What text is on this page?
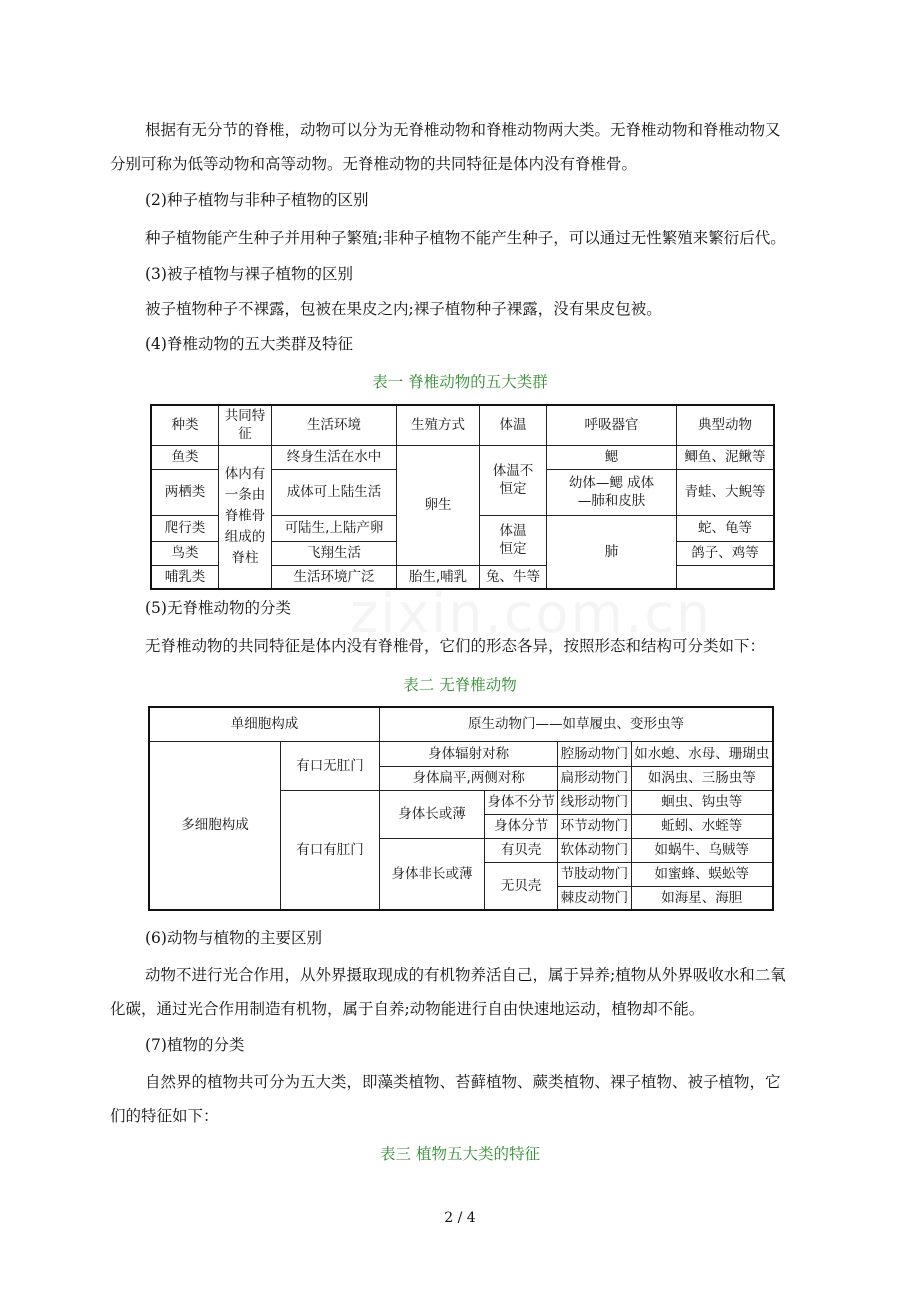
根据有无分节的脊椎，动物可以分为无脊椎动物和脊椎动物两大类。无脊椎动物和脊椎动物又

分别可称为低等动物和高等动物。无脊椎动物的共同特征是体内没有脊椎骨。

(2)种子植物与非种子植物的区别

种子植物能产生种子并用种子繁殖;非种子植物不能产生种子，可以通过无性繁殖来繁衍后代。

(3)被子植物与裸子植物的区别

被子植物种子不裸露，包被在果皮之内;裸子植物种子裸露，没有果皮包被。

(4)脊椎动物的五大类群及特征

表一 脊椎动物的五大类群
种类	共同特征	生活环境	生殖方式	体温	呼吸器官	典型动物
鱼类	体内有一条由脊椎骨组成的脊柱	终身生活在水中	卵生	体温不恒定	鳃	鲫鱼、泥鳅等
两栖类		成体可上陆生活			幼体—鳃 成体—肺和皮肤	青蛙、大鲵等
爬行类		可陆生,上陆产卵		体温恒定	肺	蛇、龟等
鸟类		飞翔生活				鸽子、鸡等
哺乳类		生活环境广泛	胎生,哺乳	兔、牛等		

(5)无脊椎动物的分类

无脊椎动物的共同特征是体内没有脊椎骨，它们的形态各异，按照形态和结构可分类如下：

表二 无脊椎动物
单细胞构成		原生动物门——如草履虫、变形虫等			
多细胞构成	有口无肛门	身体辐射对称		腔肠动物门	如水螅、水母、珊瑚虫
		身体扁平,两侧对称		扁形动物门	如涡虫、三肠虫等
	有口有肛门	身体长或薄	身体不分节	线形动物门	蛔虫、钩虫等
			身体分节	环节动物门	蚯蚓、水蛭等
		身体非长或薄	有贝壳	软体动物门	如蜗牛、乌贼等
			无贝壳	节肢动物门	如蜜蜂、蜈蚣等
				棘皮动物门	如海星、海胆

(6)动物与植物的主要区别

动物不进行光合作用，从外界摄取现成的有机物养活自己，属于异养;植物从外界吸收水和二氧

化碳，通过光合作用制造有机物，属于自养;动物能进行自由快速地运动，植物却不能。

(7)植物的分类

自然界的植物共可分为五大类，即藻类植物、苔藓植物、蕨类植物、裸子植物、被子植物，它

们的特征如下：

表三 植物五大类的特征
2 / 4
